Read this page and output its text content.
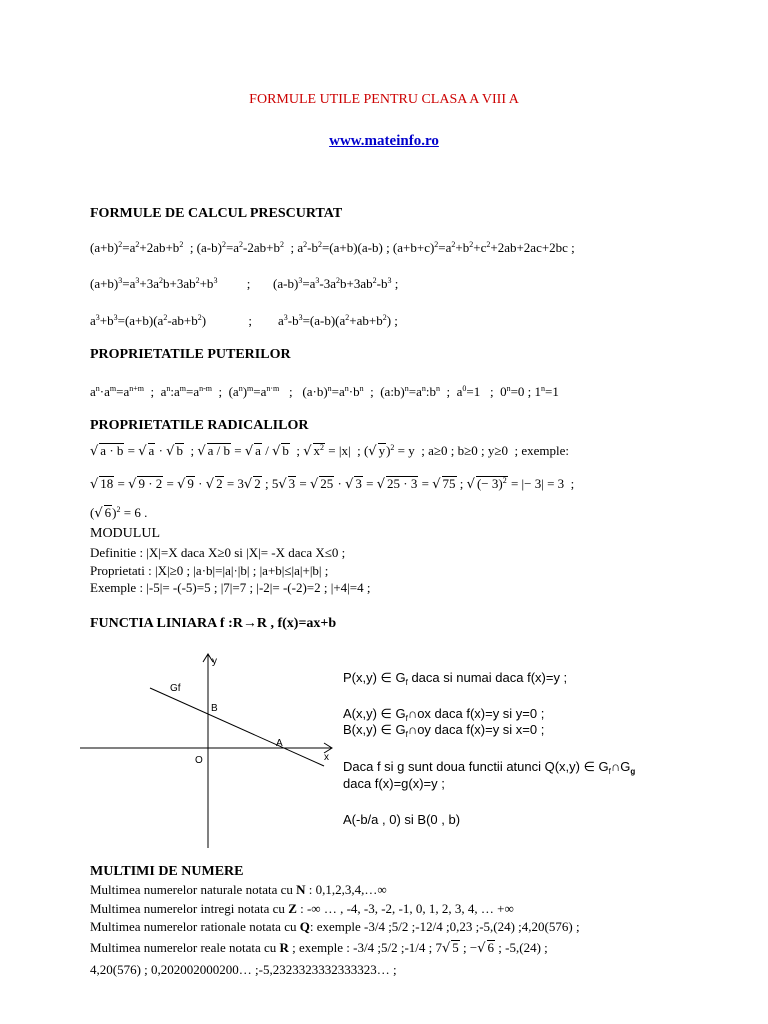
FORMULE UTILE PENTRU CLASA A VIII A
www.mateinfo.ro
FORMULE DE CALCUL PRESCURTAT
$(a+b)^2=a^2+2ab+b^2$  ; $(a-b)^2=a^2-2ab+b^2$  ; $a^2-b^2=(a+b)(a-b)$ ; $(a+b+c)^2=a^2+b^2+c^2+2ab+2ac+2bc$ ;
$(a+b)^3=a^3+3a^2b+3ab^2+b^3$         ;       $(a-b)^3=a^3-3a^2b+3ab^2-b^3$ ;
$a^3+b^3=(a+b)(a^2-ab+b^2)$             ;        $a^3-b^3=(a-b)(a^2+ab+b^2)$ ;
PROPRIETATILE PUTERILOR
$a^n\cdot a^m=a^{n+m}$  ;  $a^n:a^m=a^{n-m}$  ;  $(a^n)^m=a^{n\cdot m}$   ;   $(a\cdot b)^n=a^n\cdot b^n$  ;  $(a:b)^n=a^n:b^n$  ;  $a^0=1$   ;  $0^n=0$ ; $1^n=1$
PROPRIETATILE RADICALILOR
√ a · b = √ a · √ b  ; √ a / b = √ a / √ b  ; √ $x^2 = |x|$  ; ( √ y)$^2$ = y  ; a≥0 ; b≥0 ; y≥0  ; exemple:
√ 18 = √ 9 · 2 = √ 9 · √ 2 = 3 √ 2 ; 5 √ 3 = √ 25 · √ 3 = √ 25 · 3 = √ 75 ; √ (− 3)$^2$ = |− 3| = 3  ;
( √ 6)$^2$ = 6 .
MODULUL
Definitie : |X|=X daca X≥0 si |X|= -X daca X≤0 ;
Proprietati : |X|≥0 ; |a·b|=|a|·|b| ; |a+b|≤|a|+|b| ;
Exemple : |-5|= -(-5)=5 ; |7|=7 ; |-2|= -(-2)=2 ; |+4|=4 ;
FUNCTIA LINIARA f :R→R , f(x)=ax+b
y
x
O
Gf
B
A
P(x,y) ∈ $G_f$ daca si numai daca f(x)=y ;
A(x,y) ∈ $G_f\cap ox$ daca f(x)=y si y=0 ;
B(x,y) ∈ $G_f\cap oy$ daca f(x)=y si x=0 ;
Daca f si g sunt doua functii atunci Q(x,y) ∈ $G_f\cap G_g$
daca f(x)=g(x)=y ;
A(-b/a , 0) si B(0 , b)
MULTIMI DE NUMERE
Multimea numerelor naturale notata cu N : 0,1,2,3,4,…∞
Multimea numerelor intregi notata cu Z : -∞ … , -4, -3, -2, -1, 0, 1, 2, 3, 4, … +∞
Multimea numerelor rationale notata cu Q: exemple -3/4 ;5/2 ;-12/4 ;0,23 ;-5,(24) ;4,20(576) ;
Multimea numerelor reale notata cu R ; exemple : -3/4 ;5/2 ;-1/4 ; 7 √ 5 ; − √ 6 ; -5,(24) ;
4,20(576) ; 0,202002000200… ;-5,2323323332333323… ;
